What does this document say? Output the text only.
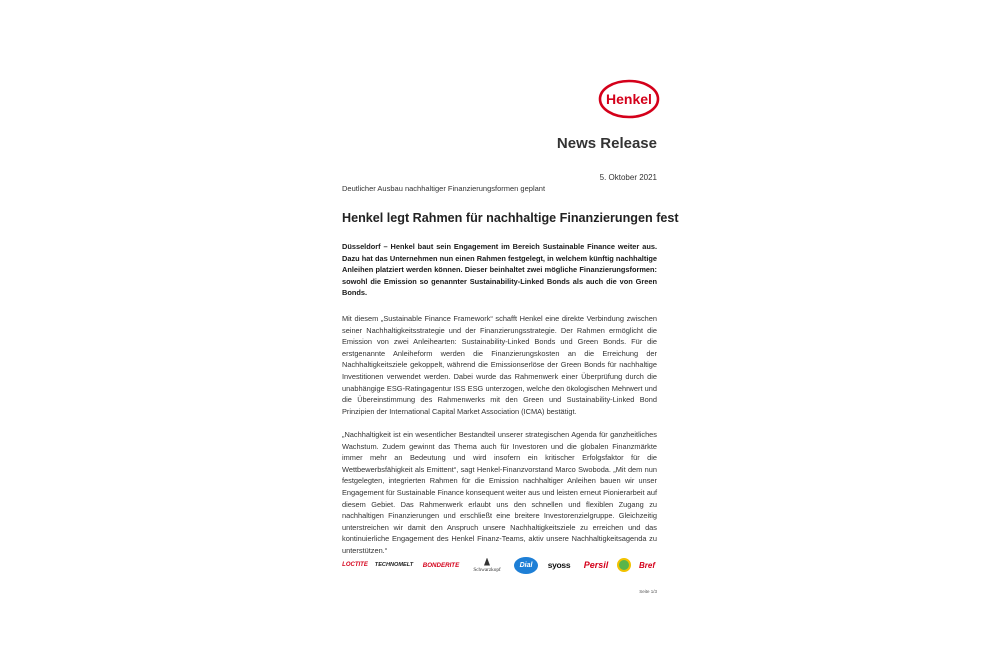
Henkel
News Release
5. Oktober 2021
Deutlicher Ausbau nachhaltiger Finanzierungsformen geplant
Henkel legt Rahmen für nachhaltige Finanzierungen fest

Düsseldorf – Henkel baut sein Engagement im Bereich Sustainable Finance weiter aus. Dazu hat das Unternehmen nun einen Rahmen festgelegt, in welchem künftig nachhaltige Anleihen platziert werden können. Dieser beinhaltet zwei mögliche Finanzierungsformen: sowohl die Emission so genannter Sustainability-Linked Bonds als auch die von Green Bonds.

Mit diesem „Sustainable Finance Framework“ schafft Henkel eine direkte Verbindung zwischen seiner Nachhaltigkeitsstrategie und der Finanzierungsstrategie. Der Rahmen ermöglicht die Emission von zwei Anleihearten: Sustainability-Linked Bonds und Green Bonds. Für die erstgenannte Anleiheform werden die Finanzierungskosten an die Erreichung der Nachhaltigkeitsziele gekoppelt, während die Emissionserlöse der Green Bonds für nachhaltige Investitionen verwendet werden. Dabei wurde das Rahmenwerk einer Überprüfung durch die unabhängige ESG-Ratingagentur ISS ESG unterzogen, welche den ökologischen Mehrwert und die Übereinstimmung des Rahmenwerks mit den Green und Sustainability-Linked Bond Prinzipien der International Capital Market Association (ICMA) bestätigt.

„Nachhaltigkeit ist ein wesentlicher Bestandteil unserer strategischen Agenda für ganzheitliches Wachstum. Zudem gewinnt das Thema auch für Investoren und die globalen Finanzmärkte immer mehr an Bedeutung und wird insofern ein kritischer Erfolgsfaktor für die Wettbewerbsfähigkeit als Emittent“, sagt Henkel-Finanzvorstand Marco Swoboda. „Mit dem nun festgelegten, integrierten Rahmen für die Emission nachhaltiger Anleihen bauen wir unser Engagement für Sustainable Finance konsequent weiter aus und leisten erneut Pionierarbeit auf diesem Gebiet. Das Rahmenwerk erlaubt uns den schnellen und flexiblen Zugang zu nachhaltigen Finanzierungen und erschließt eine breitere Investorenzielgruppe. Gleichzeitig unterstreichen wir damit den Anspruch unsere Nachhaltigkeitsziele zu erreichen und das kontinuierliche Engagement des Henkel Finanz-Teams, aktiv unsere Nachhaltigkeitsagenda zu unterstützen.“

LOCTITE	TECHNOMELT	BONDERITE
Schwarzkopf
Dial	syoss	Persil	Bref
Seite 1/3
